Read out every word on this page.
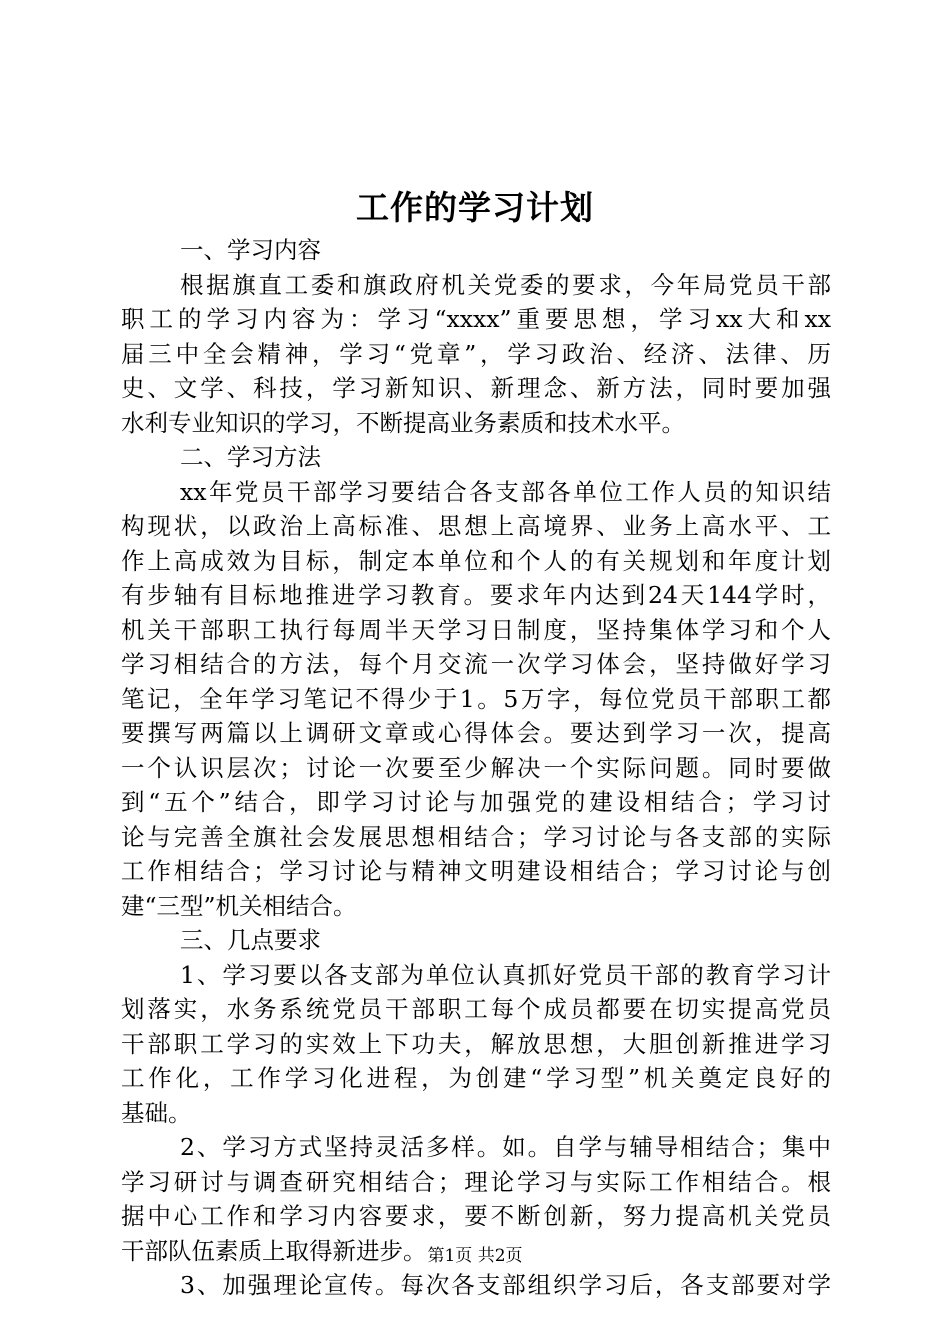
工作的学习计划
一、学习内容
根据旗直工委和旗政府机关党委的要求，今年局党员干部
职工的学习内容为：学习“xxxx”重要思想，学习xx大和xx
届三中全会精神，学习“党章”，学习政治、经济、法律、历
史、文学、科技，学习新知识、新理念、新方法，同时要加强
水利专业知识的学习，不断提高业务素质和技术水平。
二、学习方法
xx年党员干部学习要结合各支部各单位工作人员的知识结
构现状，以政治上高标准、思想上高境界、业务上高水平、工
作上高成效为目标，制定本单位和个人的有关规划和年度计划
有步轴有目标地推进学习教育。要求年内达到24天144学时，
机关干部职工执行每周半天学习日制度，坚持集体学习和个人
学习相结合的方法，每个月交流一次学习体会，坚持做好学习
笔记，全年学习笔记不得少于1。5万字，每位党员干部职工都
要撰写两篇以上调研文章或心得体会。要达到学习一次，提高
一个认识层次；讨论一次要至少解决一个实际问题。同时要做
到“五个”结合，即学习讨论与加强党的建设相结合；学习讨
论与完善全旗社会发展思想相结合；学习讨论与各支部的实际
工作相结合；学习讨论与精神文明建设相结合；学习讨论与创
建“三型”机关相结合。
三、几点要求
1、学习要以各支部为单位认真抓好党员干部的教育学习计
划落实，水务系统党员干部职工每个成员都要在切实提高党员
干部职工学习的实效上下功夫，解放思想，大胆创新推进学习
工作化，工作学习化进程，为创建“学习型”机关奠定良好的
基础。
2、学习方式坚持灵活多样。如。自学与辅导相结合；集中
学习研讨与调查研究相结合；理论学习与实际工作相结合。根
据中心工作和学习内容要求，要不断创新，努力提高机关党员
干部队伍素质上取得新进步。
3、加强理论宣传。每次各支部组织学习后，各支部要对学
第1页 共2页
